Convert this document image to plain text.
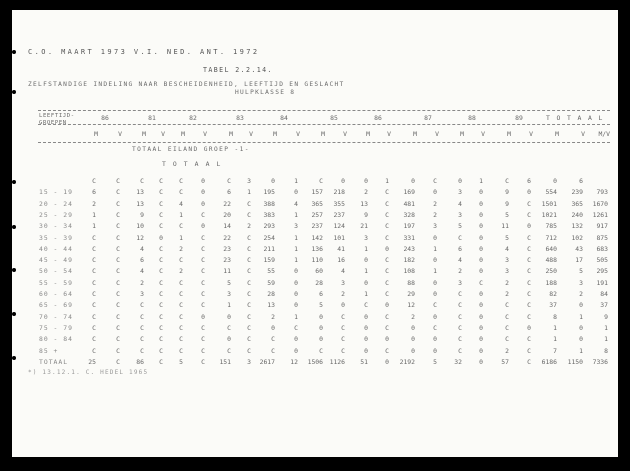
C.O. MAART 1973 V.I. NED. ANT. 1972
TABEL 2.2.14.
ZELFSTANDIGE INDELING NAAR BESCHEIDENHEID, LEEFTIJD EN GESLACHT
HULPKLASSE 8
LEEFTIJD-
GROEPEN
86	81	82	83	84	85	86	87	88	89	T O T A A L
M	V	M	V	M	V	M	V	M	V	M	V	M	V	M	V	M	V	M	V	M	V	M/V
TOTAAL EILAND GROEP -1-
T O T A A L
C	C	C	C	C	0	C	3	0	1	C	0	0	1	0	C	0	1	C	6	0	6
15 - 19	6	C	13	C	C	0	6	1	195	0	157	218	2	C	169	0	3	0	9	0	554	239	793
20 - 24	2	C	13	C	4	0	22	C	388	4	365	355	13	C	481	2	4	0	9	C	1501	365	1670
25 - 29	1	C	9	C	1	C	20	C	383	1	257	237	9	C	328	2	3	0	5	C	1021	240	1261
30 - 34	1	C	10	C	C	0	14	2	293	3	237	124	21	C	197	3	5	0	11	0	785	132	917
35 - 39	C	C	12	0	1	C	22	C	254	1	142	101	3	C	331	0	C	0	5	C	712	102	875
40 - 44	C	C	4	C	2	C	23	C	211	1	136	41	1	0	243	1	6	0	4	C	640	43	683
45 - 49	C	C	6	C	C	C	23	C	159	1	110	16	0	C	182	0	4	0	3	C	488	17	505
50 - 54	C	C	4	C	2	C	11	C	55	0	60	4	1	C	108	1	2	0	3	C	250	5	295
55 - 59	C	C	2	C	C	C	5	C	59	0	28	3	0	C	88	0	3	C	2	C	188	3	191
60 - 64	C	C	3	C	C	C	3	C	28	0	6	2	1	C	29	0	C	0	2	C	82	2	84
65 - 69	C	C	C	C	C	C	1	C	13	0	5	0	C	0	12	C	C	0	C	C	37	0	37
70 - 74	C	C	C	C	C	0	0	C	2	1	0	C	0	C	2	0	C	0	C	C	8	1	9
75 - 79	C	C	C	C	C	C	C	C	0	C	0	C	0	C	0	C	C	0	C	0	1	0	1
80 - 84	C	C	C	C	C	C	0	C	C	0	0	C	0	0	0	0	C	0	C	C	1	0	1
85 +	C	C	C	C	C	C	C	C	C	0	C	C	0	C	0	0	C	0	2	C	7	1	8
TOTAAL	25	C	86	C	5	C	151	3	2617	12	1506	1126	51	0	2192	5	32	0	57	C	6186	1150	7336
*) 13.12.1. C. HEDEL 1965
